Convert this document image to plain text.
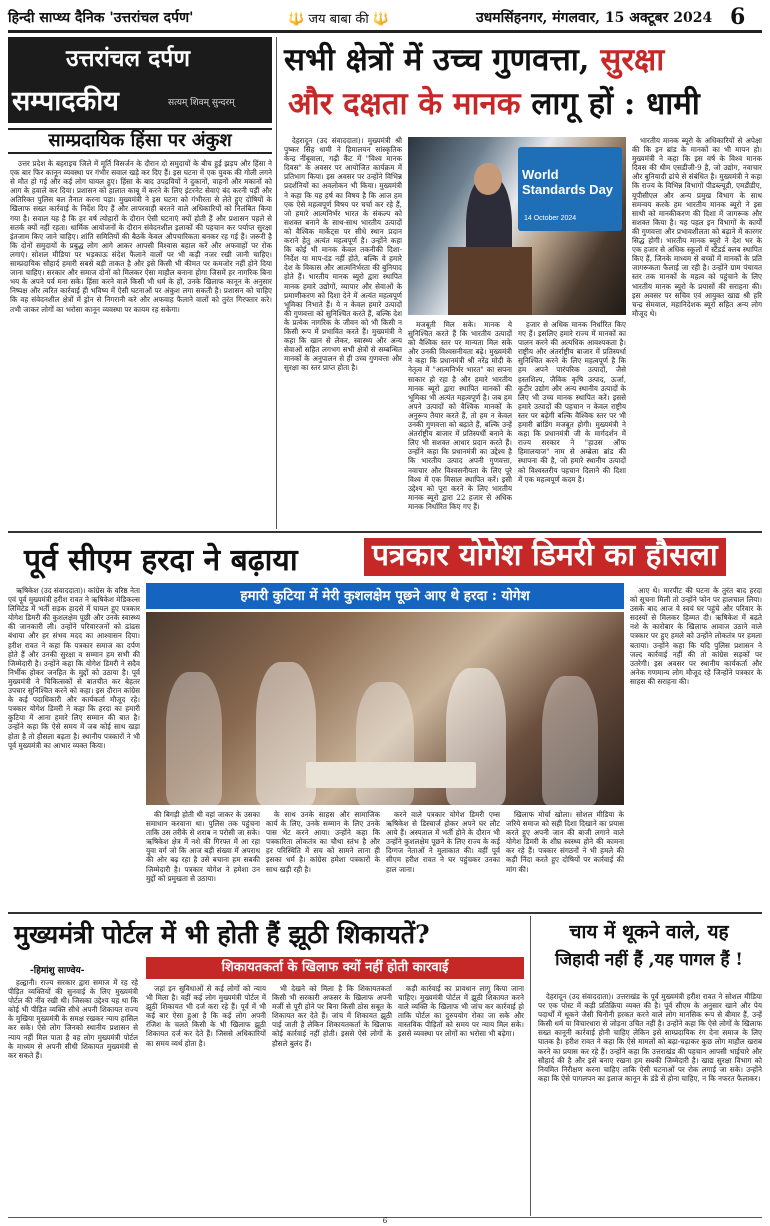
हिन्दी साप्ध्य दैनिक 'उत्तरांचल दर्पण'	🔱 जय बाबा की 🔱	उधमसिंहनगर, मंगलवार, 15 अक्टूबर 2024 6
उत्तरांचल दर्पण
सम्पादकीय	सत्यम् शिवम् सुन्दरम्
साम्प्रदायिक हिंसा पर अंकुश

उत्तर प्रदेश के बहराइच जिले में मूर्ति विसर्जन के दौरान दो समुदायों के बीच हुई झड़प और हिंसा ने एक बार फिर कानून व्यवस्था पर गंभीर सवाल खड़े कर दिए हैं। इस घटना में एक युवक की गोली लगने से मौत हो गई और कई लोग घायल हुए। हिंसा के बाद उपद्रवियों ने दुकानों, वाहनों और मकानों को आग के हवाले कर दिया। प्रशासन को हालात काबू में करने के लिए इंटरनेट सेवाएं बंद करनी पड़ीं और अतिरिक्त पुलिस बल तैनात करना पड़ा। मुख्यमंत्री ने इस घटना को गंभीरता से लेते हुए दोषियों के खिलाफ सख्त कार्रवाई के निर्देश दिए हैं और लापरवाही बरतने वाले अधिकारियों को निलंबित किया गया है। सवाल यह है कि हर वर्ष त्योहारों के दौरान ऐसी घटनाएं क्यों होती हैं और प्रशासन पहले से सतर्क क्यों नहीं रहता। धार्मिक आयोजनों के दौरान संवेदनशील इलाकों की पहचान कर पर्याप्त सुरक्षा इंतजाम किए जाने चाहिए। शांति समितियों की बैठकें केवल औपचारिकता बनकर रह गई हैं। जरूरी है कि दोनों समुदायों के प्रबुद्ध लोग आगे आकर आपसी विश्वास बहाल करें और अफवाहों पर रोक लगाएं। सोशल मीडिया पर भड़काऊ संदेश फैलाने वालों पर भी कड़ी नजर रखी जानी चाहिए। साम्प्रदायिक सौहार्द हमारी सबसे बड़ी ताकत है और इसे किसी भी कीमत पर कमजोर नहीं होने दिया जाना चाहिए। सरकार और समाज दोनों को मिलकर ऐसा माहौल बनाना होगा जिसमें हर नागरिक बिना भय के अपने पर्व मना सके। हिंसा करने वाले किसी भी धर्म के हों, उनके खिलाफ कानून के अनुसार निष्पक्ष और त्वरित कार्रवाई ही भविष्य में ऐसी घटनाओं पर अंकुश लगा सकती है। प्रशासन को चाहिए कि वह संवेदनशील क्षेत्रों में ड्रोन से निगरानी करे और अफवाह फैलाने वालों को तुरंत गिरफ्तार करे। तभी जाकर लोगों का भरोसा कानून व्यवस्था पर कायम रह सकेगा।

सभी क्षेत्रों में उच्च गुणवत्ता, सुरक्षा
और दक्षता के मानक लागू हों : धामी

देहरादून (उद संवाददाता)। मुख्यमंत्री श्री पुष्कर सिंह धामी ने हिमालयन सांस्कृतिक केन्द्र नींबूवाला, गढ़ी कैंट में "विश्व मानक दिवस" के अवसर पर आयोजित कार्यक्रम में प्रतिभाग किया। इस अवसर पर उन्होंने विभिन्न प्रदर्शनियों का अवलोकन भी किया। मुख्यमंत्री ने कहा कि यह हर्ष का विषय है कि आज हम एक ऐसे महत्वपूर्ण विषय पर चर्चा कर रहे हैं, जो हमारे आत्मनिर्भर भारत के संकल्प को सशक्त बनाने के साथ-साथ भारतीय उत्पादों को वैश्विक मार्केट्स पर सीधे स्थान प्रदान कराने हेतु अत्यंत महत्वपूर्ण है। उन्होंने कहा कि कोई भी मानक केवल तकनीकी दिशा-निर्देश या माप-दंड नहीं होते, बल्कि वे हमारे देश के विकास और आत्मनिर्भरता की बुनियाद होते हैं। भारतीय मानक ब्यूरो द्वारा स्थापित मानक हमारे उद्योगों, व्यापार और सेवाओं के प्रमाणीकरण को दिशा देने में अत्यंत महत्वपूर्ण भूमिका निभाते हैं। ये न केवल हमारे उत्पादों की गुणवत्ता को सुनिश्चित करते हैं, बल्कि देश के प्रत्येक नागरिक के जीवन को भी किसी न किसी रूप में प्रभावित करते हैं। मुख्यमंत्री ने कहा कि खान से लेकर, स्वास्थ्य और अन्य सेवाओं सहित लगभग सभी क्षेत्रों से सम्बन्धित मानकों के अनुपालन से ही उच्च गुणवत्ता और सुरक्षा का स्तर प्राप्त होता है।

World Standards Day
14 October 2024

मजबूती मिल सके। मानक ये सुनिश्चित करते हैं कि भारतीय उत्पादों को वैश्विक स्तर पर मान्यता मिल सके और उनकी विश्वसनीयता बढ़े। मुख्यमंत्री ने कहा कि प्रधानमंत्री श्री नरेंद्र मोदी के नेतृत्व में "आत्मनिर्भर भारत" का सपना साकार हो रहा है और हमारे भारतीय मानक ब्यूरो द्वारा स्थापित मानकों की भूमिका भी अत्यंत महत्वपूर्ण है। जब हम अपने उत्पादों को वैश्विक मानकों के अनुरूप तैयार करते हैं, तो हम न केवल उनकी गुणवत्ता को बढ़ाते हैं, बल्कि उन्हें अंतर्राष्ट्रीय बाजार में प्रतिस्पर्धी बनाने के लिए भी सशक्त आधार प्रदान करते हैं। उन्होंने कहा कि प्रधानमंत्री का उद्देश्य है कि भारतीय उत्पाद अपनी गुणवत्ता, नवाचार और विश्वसनीयता के लिए पूरे विश्व में एक मिसाल स्थापित करें। इसी उद्देश्य को पूरा करने के लिए भारतीय मानक ब्यूरो द्वारा 22 हजार से अधिक मानक निर्धारित किए गए हैं।

हजार से अधिक मानक निर्धारित किए गए हैं। इसलिए हमारे राज्य में मानकों का पालन करने की अत्यधिक आवश्यकता है। राष्ट्रीय और अंतर्राष्ट्रीय बाजार में प्रतिस्पर्धा सुनिश्चित करने के लिए महत्वपूर्ण है कि हम अपने पारंपरिक उत्पादों, जैसे हस्तशिल्प, जैविक कृषि उत्पाद, ऊर्जा, कुटीर उद्योग और अन्य स्थानीय उत्पादों के लिए भी उच्च मानक स्थापित करें। इससे हमारे उत्पादों की पहचान न केवल राष्ट्रीय स्तर पर बढ़ेगी बल्कि वैश्विक स्तर पर भी हमारी ब्रांडिंग मजबूत होगी। मुख्यमंत्री ने कहा कि प्रधानमंत्री जी के मार्गदर्शन में राज्य सरकार ने "हाउस ऑफ हिमालयाज" नाम से अम्ब्रेला ब्रांड की स्थापना की है, जो हमारे स्थानीय उत्पादों को विश्वस्तरीय पहचान दिलाने की दिशा में एक महत्वपूर्ण कदम है।

भारतीय मानक ब्यूरो के अधिकारियों से अपेक्षा की कि इन ब्रांड के मानकों का भी मापन हो। मुख्यमंत्री ने कहा कि इस वर्ष के विश्व मानक दिवस की थीम एसडीजी-9 है, जो उद्योग, नवाचार और बुनियादी ढांचे से संबंधित है। मुख्यमंत्री ने कहा कि राज्य के विभिन्न विभागों पीडब्ल्यूडी, एमडीडीए, यूपीसीएल और अन्य प्रमुख विभाग के साथ समन्वय करके हम भारतीय मानक ब्यूरो ने इस साथी को मानकीकरण की दिशा में जागरूक और सशक्त किया है। यह पहल इन विभागों के कार्यों की गुणवत्ता और प्रभावशीलता को बढ़ाने में कारगर सिद्ध होगी। भारतीय मानक ब्यूरो ने देश भर के एक हजार से अधिक स्कूलों में स्टैंडर्ड क्लब स्थापित किए हैं, जिनके माध्यम से बच्चों में मानकों के प्रति जागरूकता फैलाई जा रही है। उन्होंने ग्राम पंचायत स्तर तक मानकों के महत्व को पहुंचाने के लिए भारतीय मानक ब्यूरो के प्रयासों की सराहना की। इस अवसर पर सचिव एवं आयुक्त खाद्य श्री हरि चन्द्र सेमवाल, महानिदेशक ब्यूरो सहित अन्य लोग मौजूद थे।

पूर्व सीएम हरदा ने बढ़ाया पत्रकार योगेश डिमरी का हौसला

ऋषिकेश (उद संवाददाता)। कांग्रेस के वरिष्ठ नेता एवं पूर्व मुख्यमंत्री हरीश रावत ने ऋषिकेश मेडिकल्स लिमिटेड में भर्ती सड़क हादसे में घायल हुए पत्रकार योगेश डिमरी की कुशलक्षेम पूछी और उनके स्वास्थ्य की जानकारी ली। उन्होंने परिवारजनों को ढांढस बंधाया और हर संभव मदद का आश्वासन दिया। हरीश रावत ने कहा कि पत्रकार समाज का दर्पण होते हैं और उनकी सुरक्षा व सम्मान हम सभी की जिम्मेदारी है। उन्होंने कहा कि योगेश डिमरी ने सदैव निर्भीक होकर जनहित के मुद्दों को उठाया है। पूर्व मुख्यमंत्री ने चिकित्सकों से बातचीत कर बेहतर उपचार सुनिश्चित करने को कहा। इस दौरान कांग्रेस के कई पदाधिकारी और कार्यकर्ता मौजूद रहे। पत्रकार योगेश डिमरी ने कहा कि हरदा का हमारी कुटिया में आना हमारे लिए सम्मान की बात है। उन्होंने कहा कि ऐसे समय में जब कोई साथ खड़ा होता है तो हौसला बढ़ता है। स्थानीय पत्रकारों ने भी पूर्व मुख्यमंत्री का आभार व्यक्त किया।

हमारी कुटिया में मेरी कुशलक्षेम पूछने आए थे हरदा : योगेश

की बिगड़ी होती थी वहां जाकर के उसका समाधान करवाना था। पुलिस तक पहुंचना ताकि उस तरीके से शराब न परोसी जा सके। ऋषिकेश क्षेत्र में नशे की गिरफ्त में आ रहा युवा वर्ग जो कि आज बड़ी संख्या में अपराध की ओर बढ़ रहा है उसे बचाना हम सबकी जिम्मेदारी है। पत्रकार योगेश ने हमेशा उन मुद्दों को प्रमुखता से उठाया।

के साथ उनके साहस और सामाजिक कार्य के लिए, उनके सम्मान के लिए उनके पास भेंट करने आया। उन्होंने कहा कि पत्रकारिता लोकतंत्र का चौथा स्तंभ है और हर परिस्थिति में सच को सामने लाना ही इसका धर्म है। कांग्रेस हमेशा पत्रकारों के साथ खड़ी रही है।

करने वाले पत्रकार योगेश डिमरी एम्स ऋषिकेश से डिस्चार्ज होकर अपने घर लौट आये हैं। अस्पताल में भर्ती होने के दौरान भी उन्होंने कुशलक्षेम पूछने के लिए राज्य के कई दिग्गज नेताओं ने मुलाकात की। वहीं पूर्व सीएम हरीश रावत ने घर पहुंचकर उनका हाल जाना।

खिलाफ मोर्चा खोला। सोशल मीडिया के जरिये समाज को सही दिशा दिखाने का प्रयास करते हुए अपनी जान की बाजी लगाने वाले योगेश डिमरी के शीघ्र स्वस्थ्य होने की कामना कर रहे हैं। पत्रकार संगठनों ने भी हमले की कड़ी निंदा करते हुए दोषियों पर कार्रवाई की मांग की।

आए थे। मारपीट की घटना के तुरंत बाद हरदा को सूचना मिली तो उन्होंने फोन पर हालचाल लिया। उसके बाद आज वे स्वयं घर पहुंचे और परिवार के सदस्यों से मिलकर हिम्मत दी। ऋषिकेश में बढ़ते नशे के कारोबार के खिलाफ आवाज उठाने वाले पत्रकार पर हुए हमले को उन्होंने लोकतंत्र पर हमला बताया। उन्होंने कहा कि यदि पुलिस प्रशासन ने जल्द कार्रवाई नहीं की तो कांग्रेस सड़कों पर उतरेगी। इस अवसर पर स्थानीय कार्यकर्ता और अनेक गणमान्य लोग मौजूद रहे जिन्होंने पत्रकार के साहस की सराहना की।

मुख्यमंत्री पोर्टल में भी होती हैं झूठी शिकायतें?
-हिमांशु साण्वेय-	शिकायतकर्ता के खिलाफ क्यों नहीं होती कारवाई

हल्द्वानी। राज्य सरकार द्वारा समाज में रह रहे पीड़ित व्यक्तियों की सुनवाई के लिए मुख्यमंत्री पोर्टल की नींव रखी थी। जिसका उद्देश्य यह था कि कोई भी पीड़ित व्यक्ति सीधे अपनी शिकायत राज्य के मुखिया मुख्यमंत्री के समक्ष रखकर न्याय हासिल कर सके। ऐसे लोग जिनको स्थानीय प्रशासन से न्याय नहीं मिल पाता है वह लोग मुख्यमंत्री पोर्टल के माध्यम से अपनी सीधी शिकायत मुख्यमंत्री से कर सकते हैं।

जहां इन सुविधाओं से कई लोगों को न्याय भी मिला है। वहीं कई लोग मुख्यमंत्री पोर्टल में झूठी शिकायत भी दर्ज करा रहे हैं। पूर्व में भी कई बार ऐसा हुआ है कि कई लोग अपनी रंजिश के चलते किसी के भी खिलाफ झूठी शिकायत दर्ज कर देते हैं। जिससे अधिकारियों का समय व्यर्थ होता है।

भी देखने को मिला है कि शिकायतकर्ता किसी भी सरकारी अफसर के खिलाफ अपनी मर्जी से पूरी होने पर बिना किसी ठोस सबूत के शिकायत कर देते हैं। जांच में शिकायत झूठी पाई जाती है लेकिन शिकायतकर्ता के खिलाफ कोई कार्रवाई नहीं होती। इससे ऐसे लोगों के हौसले बुलंद हैं।

कड़ी कार्रवाई का प्रावधान लागू किया जाना चाहिए। मुख्यमंत्री पोर्टल में झूठी शिकायत करने वाले व्यक्ति के खिलाफ भी जांच कर कार्रवाई हो ताकि पोर्टल का दुरुपयोग रोका जा सके और वास्तविक पीड़ितों को समय पर न्याय मिल सके। इससे व्यवस्था पर लोगों का भरोसा भी बढ़ेगा।

चाय में थूकने वाले, यह
जिहादी नहीं हैं ,यह पागल हैं !

देहरादून (उद संवाददाता)। उत्तराखंड के पूर्व मुख्यमंत्री हरीश रावत ने सोशल मीडिया पर एक पोस्ट में कड़ी प्रतिक्रिया व्यक्त की है। पूर्व सीएम के अनुसार खाने और पेय पदार्थों में थूकने जैसी घिनौनी हरकत करने वाले लोग मानसिक रूप से बीमार हैं, उन्हें किसी धर्म या विचारधारा से जोड़ना उचित नहीं है। उन्होंने कहा कि ऐसे लोगों के खिलाफ सख्त कानूनी कार्रवाई होनी चाहिए लेकिन इसे साम्प्रदायिक रंग देना समाज के लिए घातक है। हरीश रावत ने कहा कि ऐसे मामलों को बढ़ा-चढ़ाकर कुछ लोग माहौल खराब करने का प्रयास कर रहे हैं। उन्होंने कहा कि उत्तराखंड की पहचान आपसी भाईचारे और सौहार्द की है और इसे बनाए रखना हम सबकी जिम्मेदारी है। खाद्य सुरक्षा विभाग को नियमित निरीक्षण करना चाहिए ताकि ऐसी घटनाओं पर रोक लगाई जा सके। उन्होंने कहा कि ऐसे पागलपन का इलाज कानून के डंडे से होना चाहिए, न कि नफरत फैलाकर।

6
